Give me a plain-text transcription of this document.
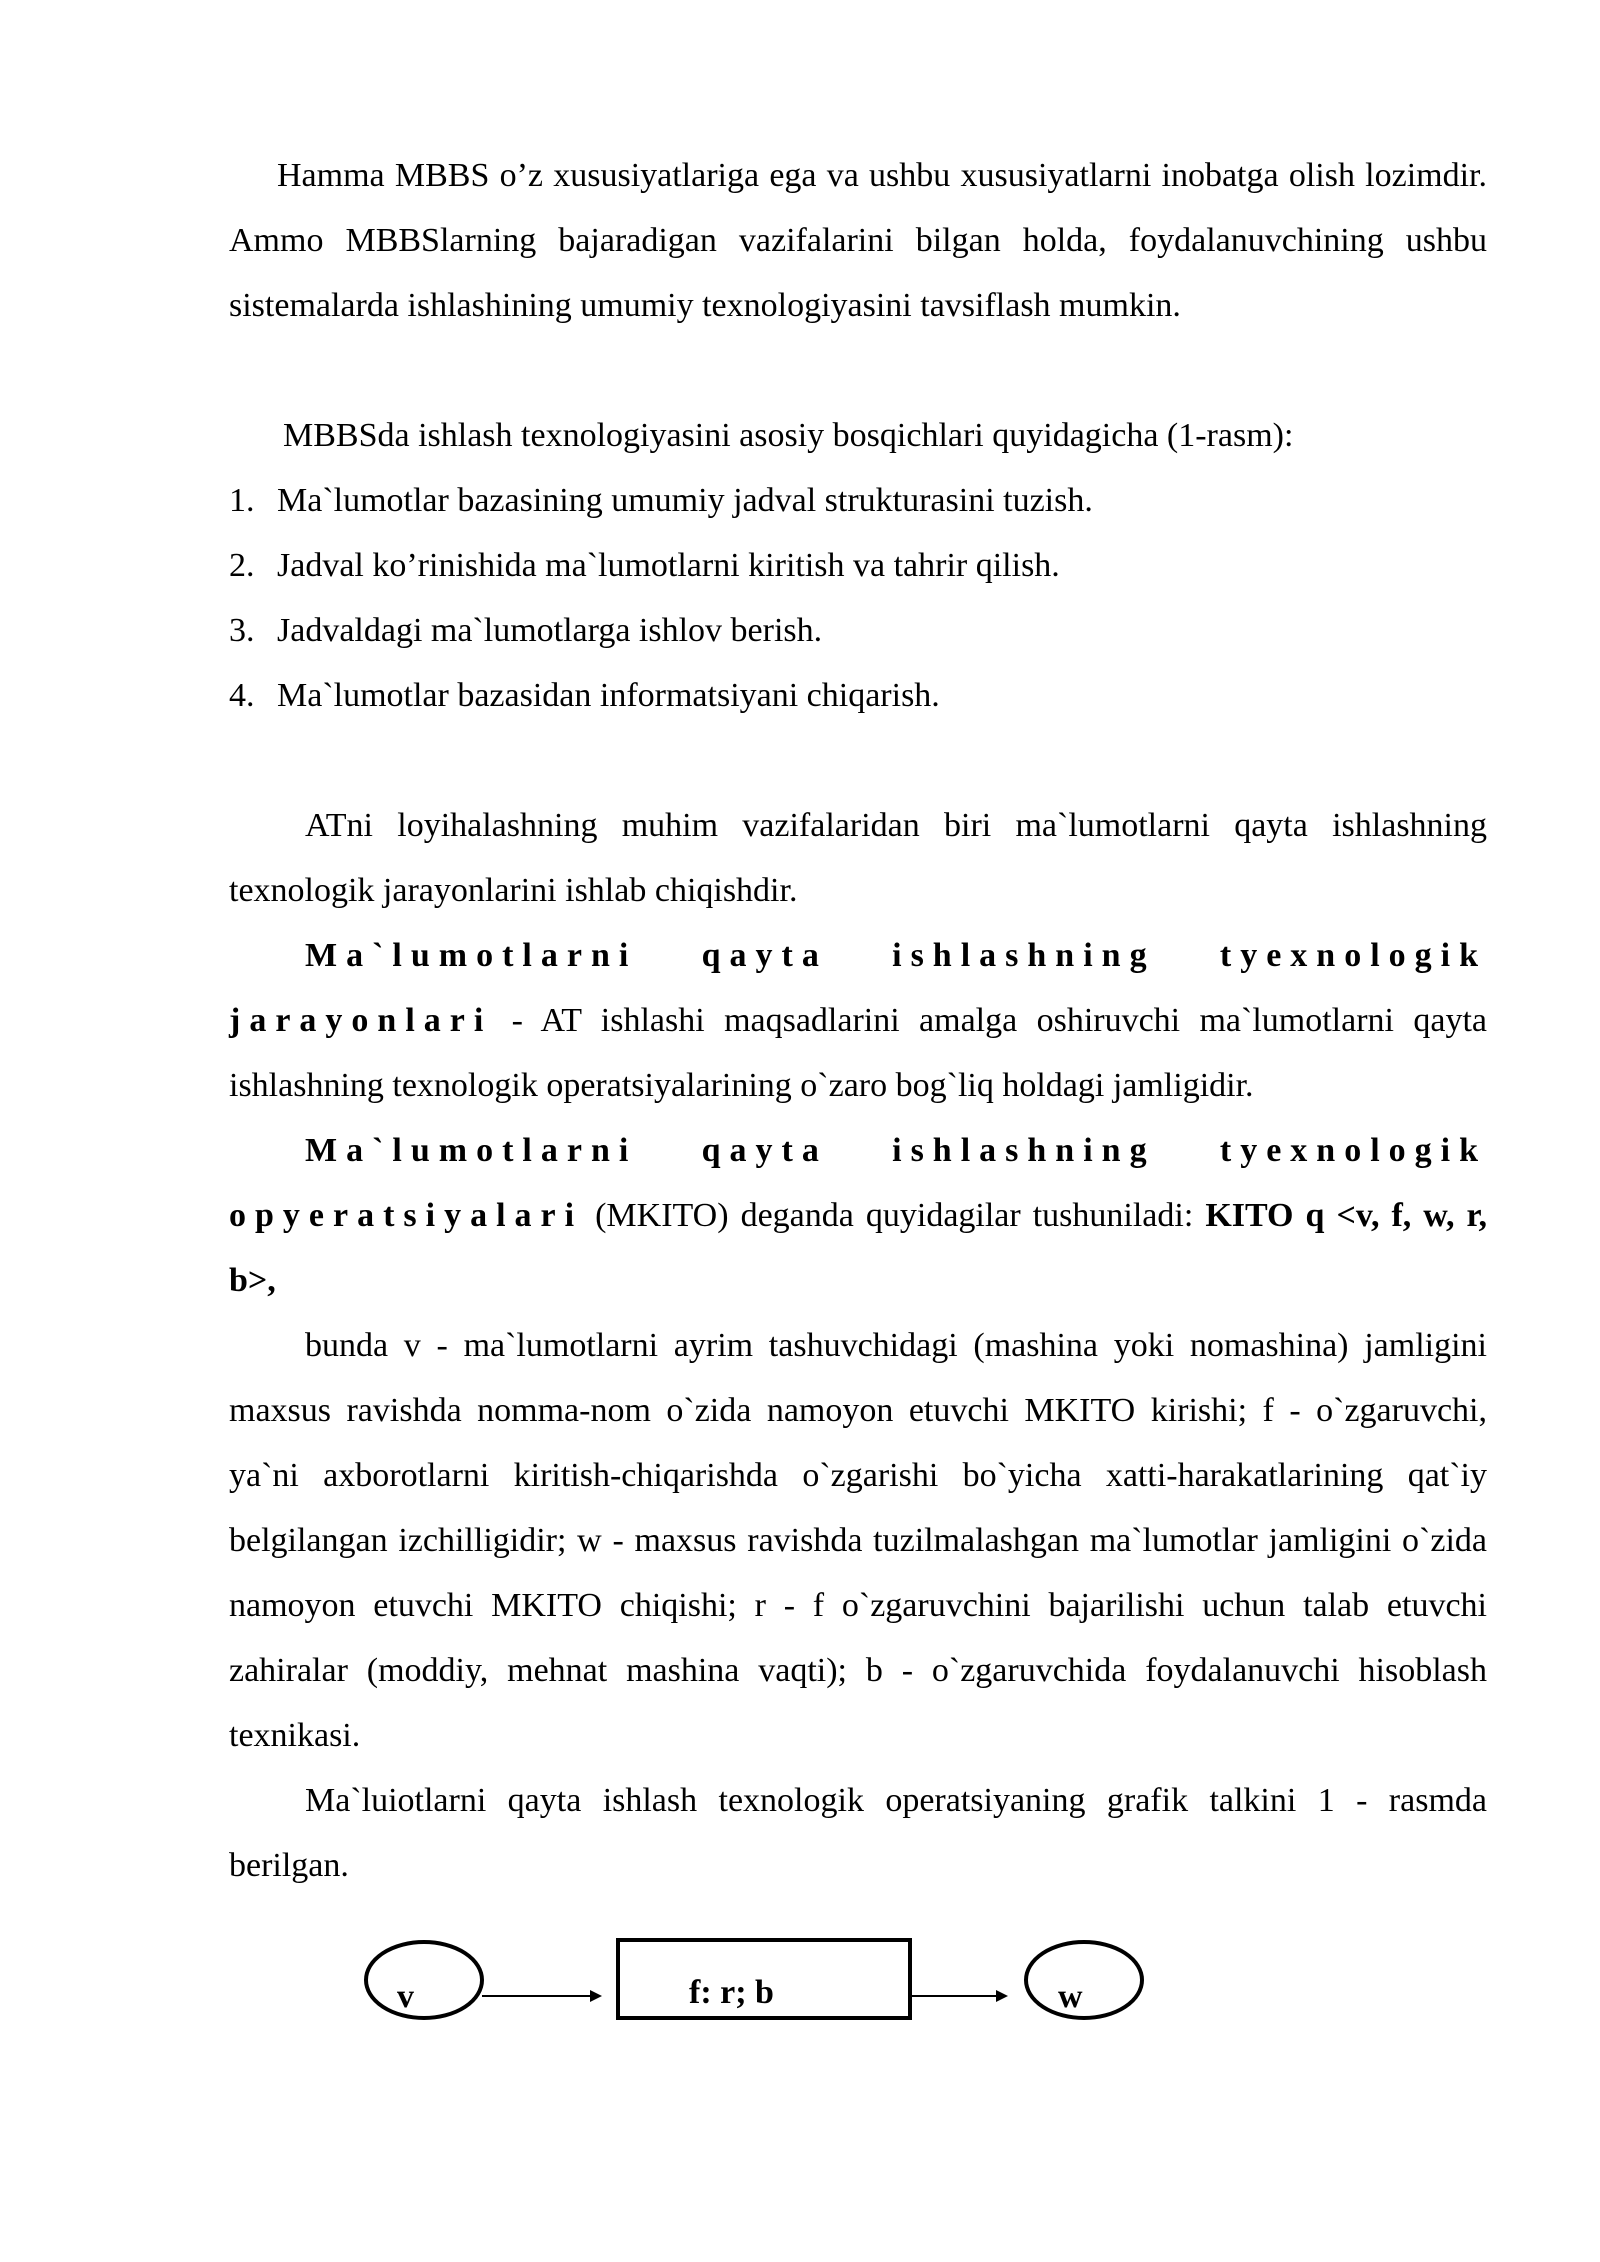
Hamma MBBS o’z xususiyatlariga ega va ushbu xususiyatlarni inobatga olish lozimdir. Ammo MBBSlarning bajaradigan vazifalarini bilgan holda, foydalanuvchining ushbu sistemalarda ishlashining umumiy texnologiyasini tavsiflash mumkin.

MBBSda ishlash texnologiyasini asosiy bosqichlari quyidagicha (1-rasm):

1. Ma`lumotlar bazasining umumiy jadval strukturasini tuzish.
2. Jadval ko’rinishida ma`lumotlarni kiritish va tahrir qilish.
3. Jadvaldagi ma`lumotlarga ishlov berish.
4. Ma`lumotlar bazasidan informatsiyani chiqarish.

ATni loyihalashning muhim vazifalaridan biri ma`lumotlarni qayta ishlashning texnologik jarayonlarini ishlab chiqishdir.

Ma`lumotlarni qayta ishlashning tyexnologik jarayonlari - AT ishlashi maqsadlarini amalga oshiruvchi ma`lumotlarni qayta ishlashning texnologik operatsiyalarining o`zaro bog`liq holdagi jamligidir.

Ma`lumotlarni qayta ishlashning tyexnologik opyeratsiyalari (MKITO) deganda quyidagilar tushuniladi: KITO q <v, f, w, r, b>,

bunda v - ma`lumotlarni ayrim tashuvchidagi (mashina yoki nomashina) jamligini maxsus ravishda nomma-nom o`zida namoyon etuvchi MKITO kirishi; f - o`zgaruvchi, ya`ni axborotlarni kiritish-chiqarishda o`zgarishi bo`yicha xatti-harakatlarining qat`iy belgilangan izchilligidir; w - maxsus ravishda tuzilmalashgan ma`lumotlar jamligini o`zida namoyon etuvchi MKITO chiqishi; r - f o`zgaruvchini bajarilishi uchun talab etuvchi zahiralar (moddiy, mehnat mashina vaqti); b - o`zgaruvchida foydalanuvchi hisoblash texnikasi.

Ma`luiotlarni qayta ishlash texnologik operatsiyaning grafik talkini 1 - rasmda berilgan.

v	f: r; b	w
